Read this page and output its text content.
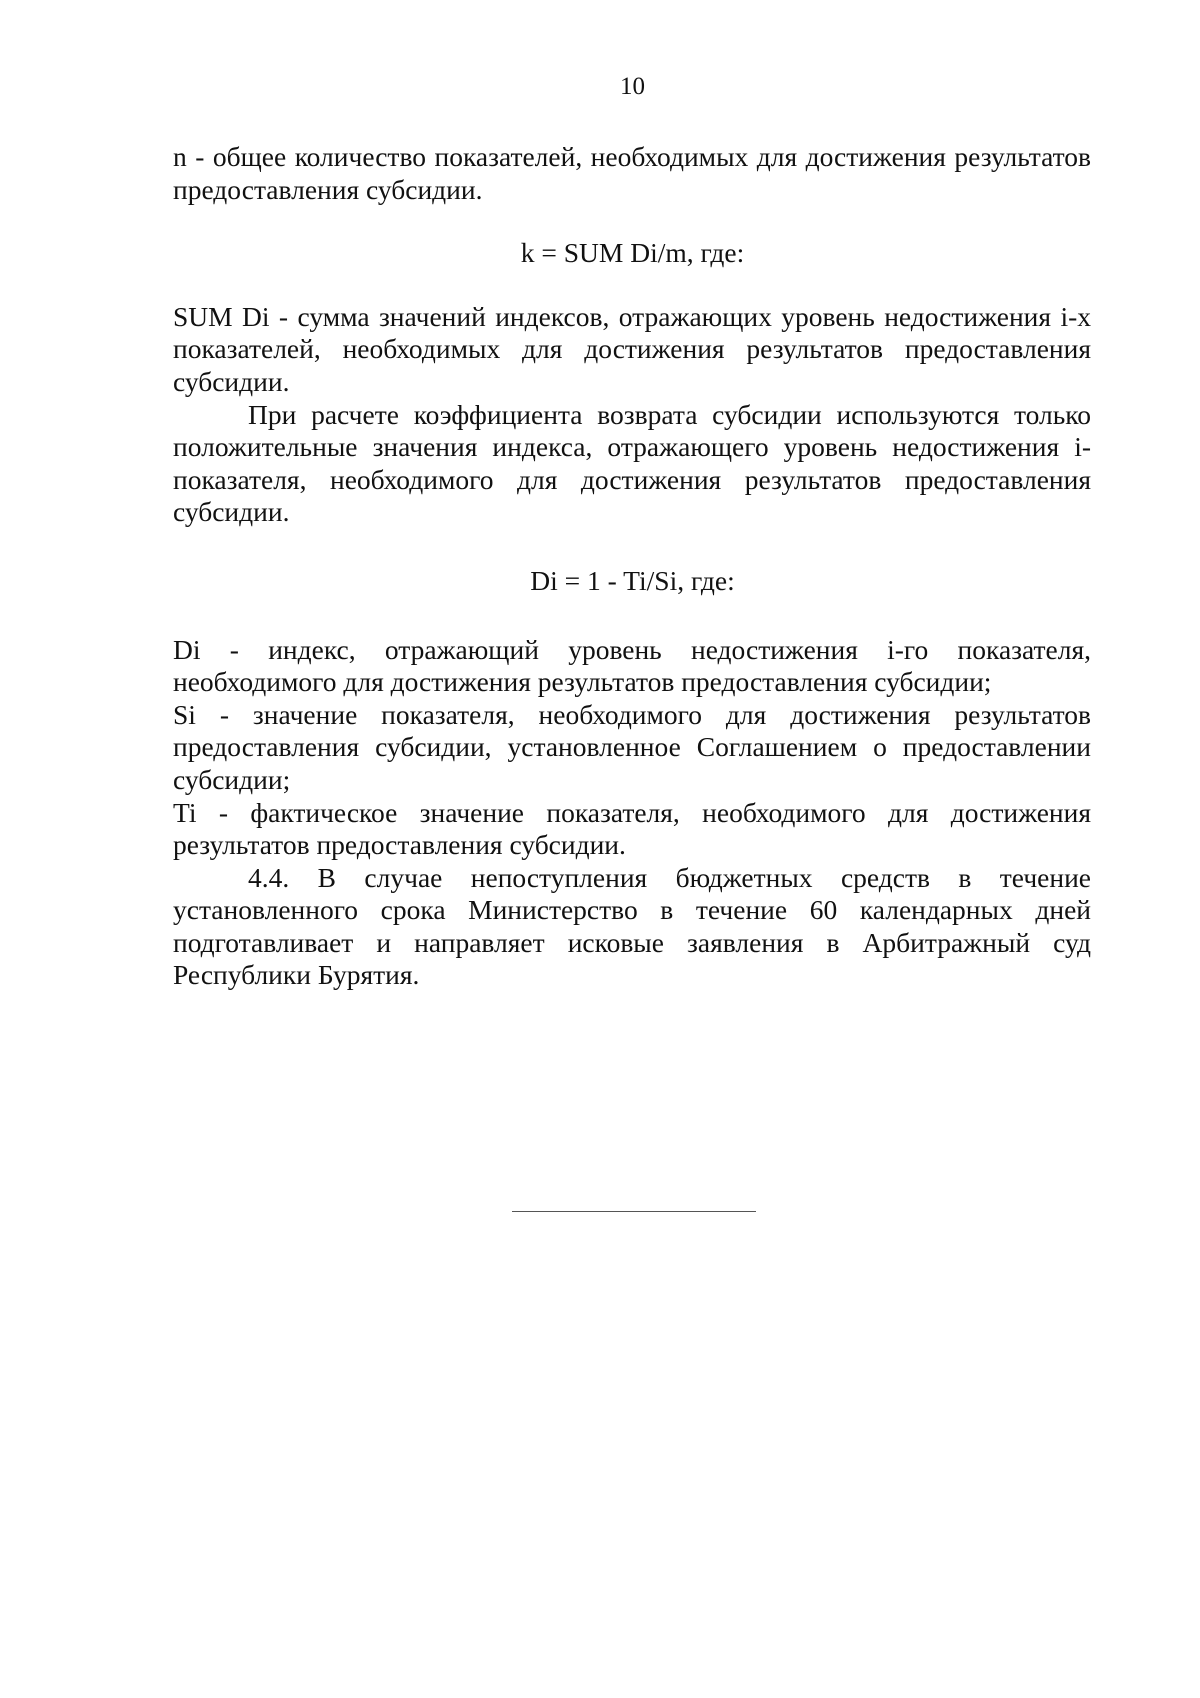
10

n - общее количество показателей, необходимых для достижения результатов предоставления субсидии.

k = SUM Di/m, где:

SUM Di - сумма значений индексов, отражающих уровень недостижения i-х показателей, необходимых для достижения результатов предоставления субсидии.

При расчете коэффициента возврата субсидии используются только положительные значения индекса, отражающего уровень недостижения i-показателя, необходимого для достижения результатов предоставления субсидии.

Di = 1 - Ti/Si, где:

Di - индекс, отражающий уровень недостижения i-го показателя, необходимого для достижения результатов предоставления субсидии;

Si - значение показателя, необходимого для достижения результатов предоставления субсидии, установленное Соглашением о предоставлении субсидии;

Ti - фактическое значение показателя, необходимого для достижения результатов предоставления субсидии.

4.4. В случае непоступления бюджетных средств в течение установленного срока Министерство в течение 60 календарных дней подготавливает и направляет исковые заявления в Арбитражный суд Республики Бурятия.
